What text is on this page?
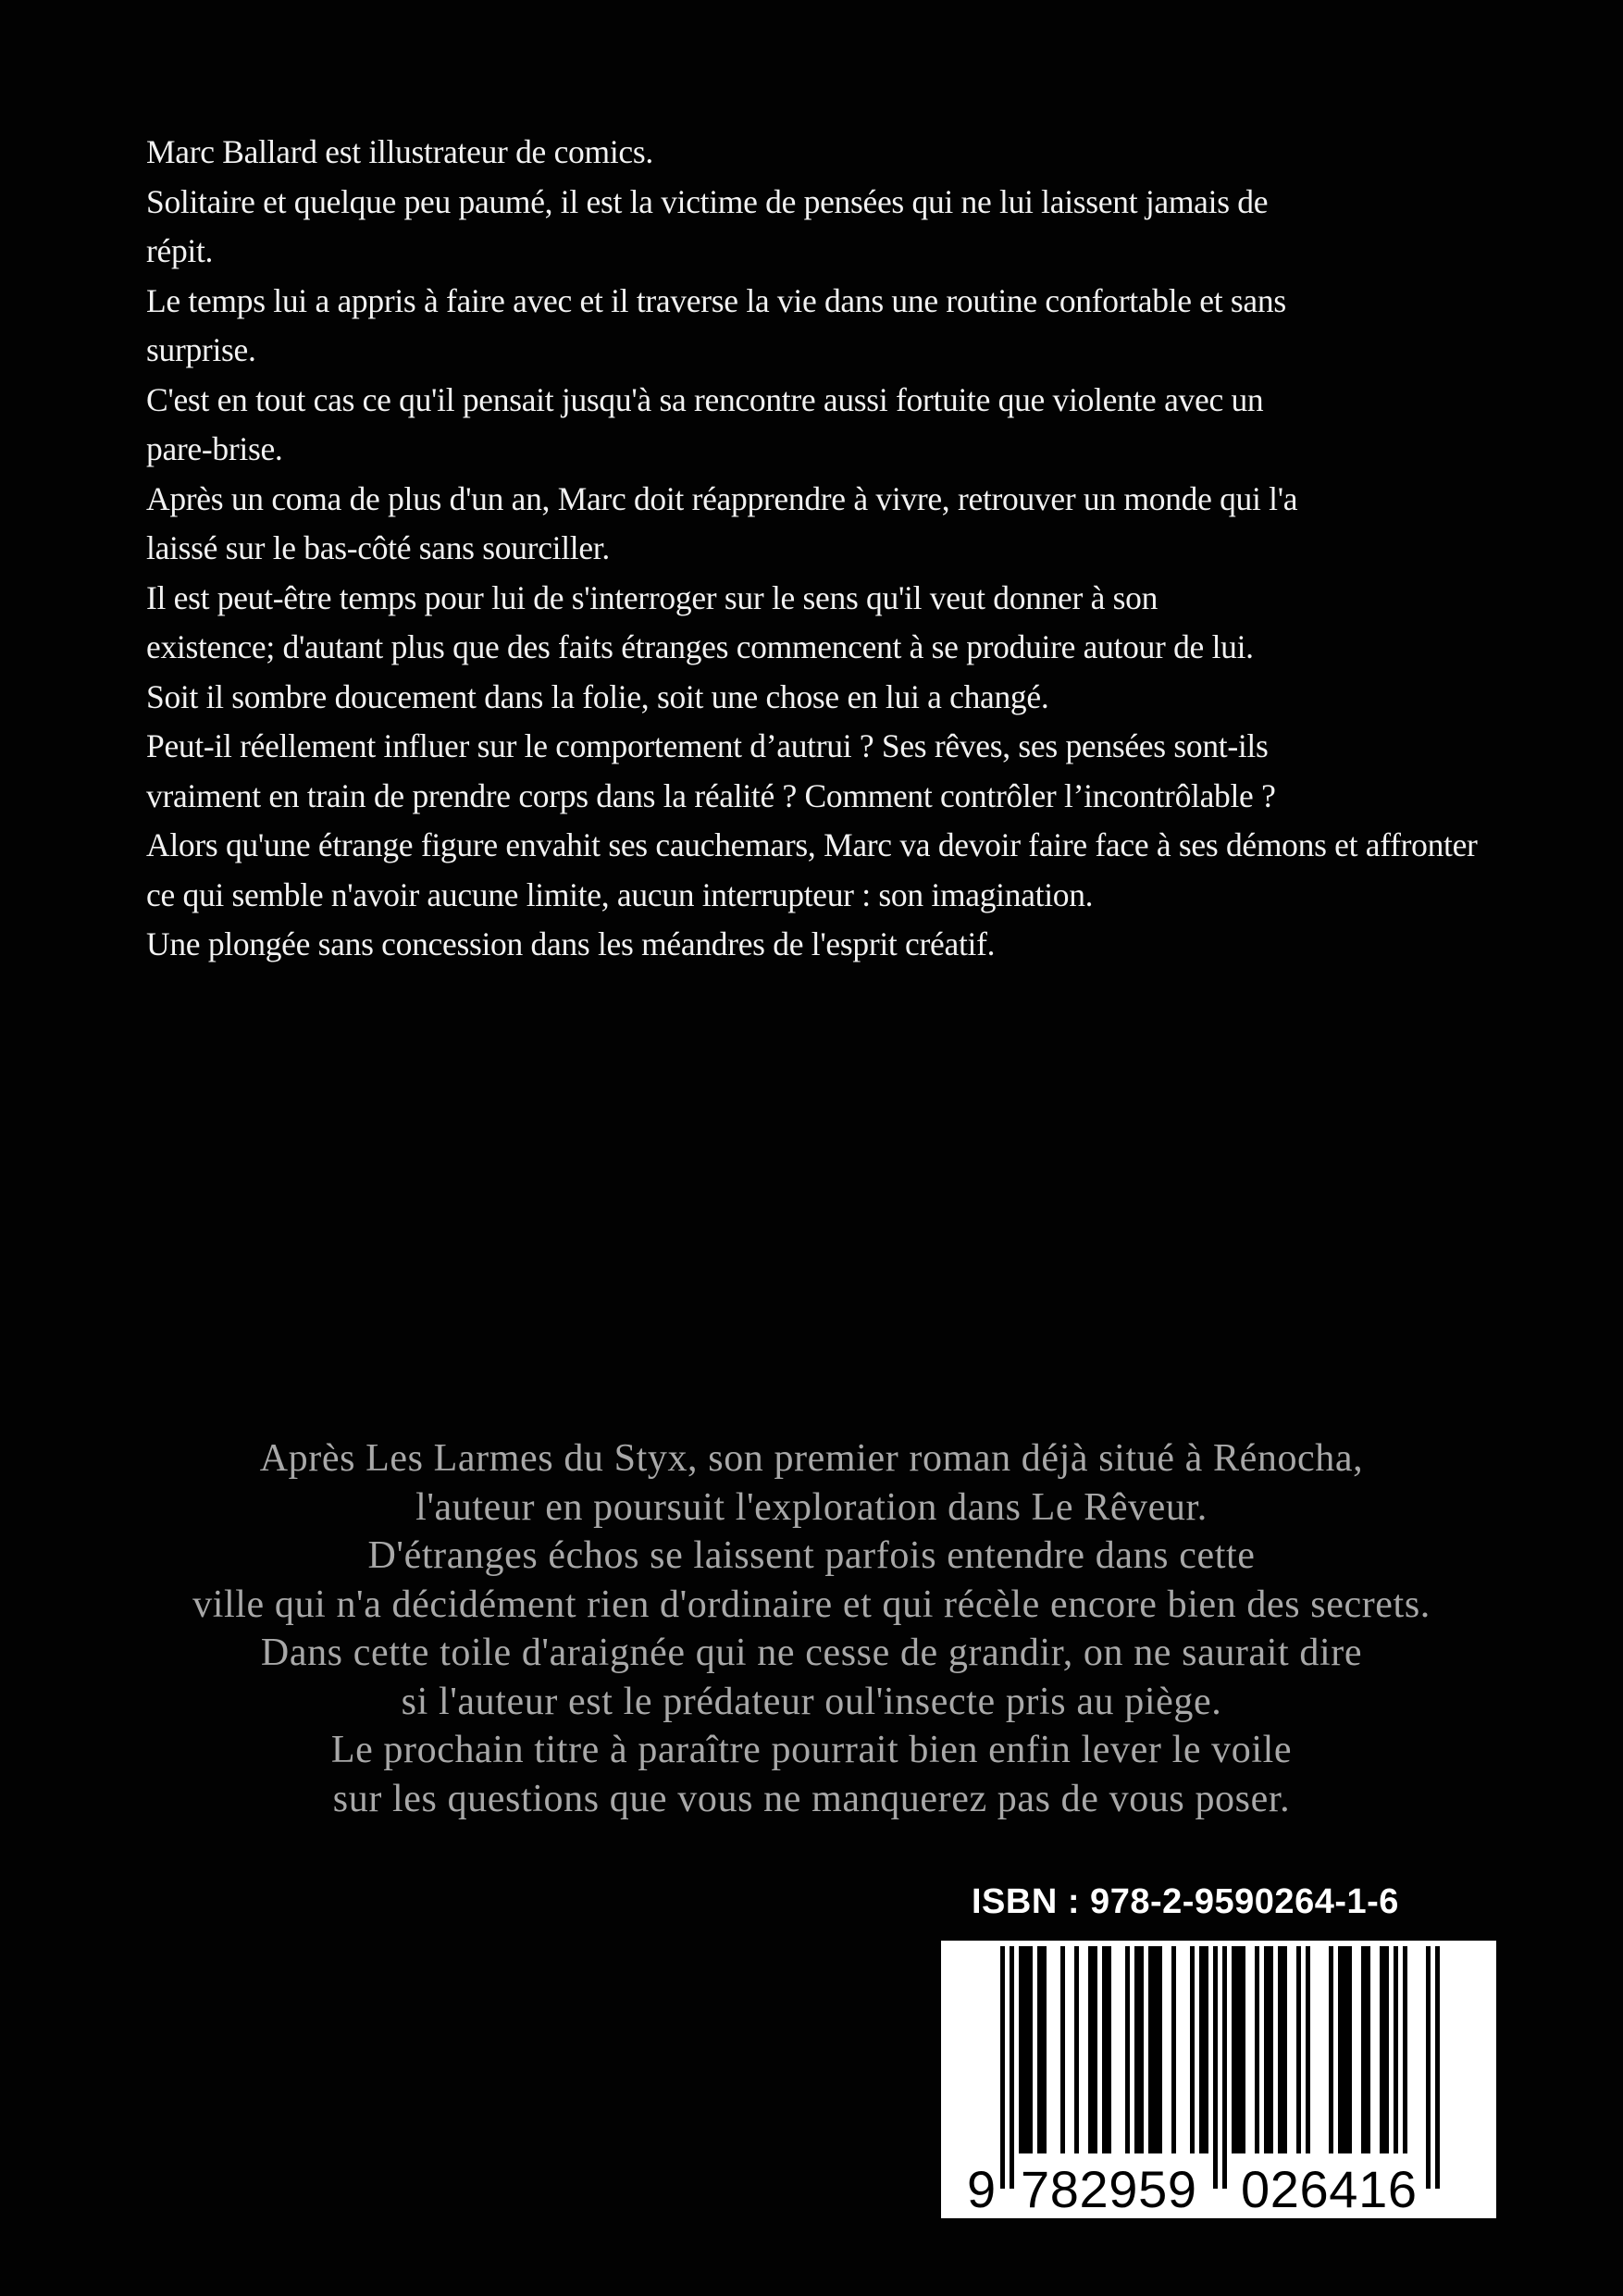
Marc Ballard est illustrateur de comics.
Solitaire et quelque peu paumé, il est la victime de pensées qui ne lui laissent jamais de
répit.
Le temps lui a appris à faire avec et il traverse la vie dans une routine confortable et sans
surprise.
C'est en tout cas ce qu'il pensait jusqu'à sa rencontre aussi fortuite que violente avec un
pare-brise.
Après un coma de plus d'un an, Marc doit réapprendre à vivre, retrouver un monde qui l'a
laissé sur le bas-côté sans sourciller.
Il est peut-être temps pour lui de s'interroger sur le sens qu'il veut donner à son
existence; d'autant plus que des faits étranges commencent à se produire autour de lui.
Soit il sombre doucement dans la folie, soit une chose en lui a changé.
Peut-il réellement influer sur le comportement d’autrui ? Ses rêves, ses pensées sont-ils
vraiment en train de prendre corps dans la réalité ? Comment contrôler l’incontrôlable ?
Alors qu'une étrange figure envahit ses cauchemars, Marc va devoir faire face à ses démons et affronter
ce qui semble n'avoir aucune limite, aucun interrupteur : son imagination.
Une plongée sans concession dans les méandres de l'esprit créatif.
Après Les Larmes du Styx, son premier roman déjà situé à Rénocha,
l'auteur en poursuit l'exploration dans Le Rêveur.
D'étranges échos se laissent parfois entendre dans cette
ville qui n'a décidément rien d'ordinaire et qui récèle encore bien des secrets.
Dans cette toile d'araignée qui ne cesse de grandir, on ne saurait dire
si l'auteur est le prédateur oul'insecte pris au piège.
Le prochain titre à paraître pourrait bien enfin lever le voile
sur les questions que vous ne manquerez pas de vous poser.
ISBN : 978-2-9590264-1-6
9 782959 026416
